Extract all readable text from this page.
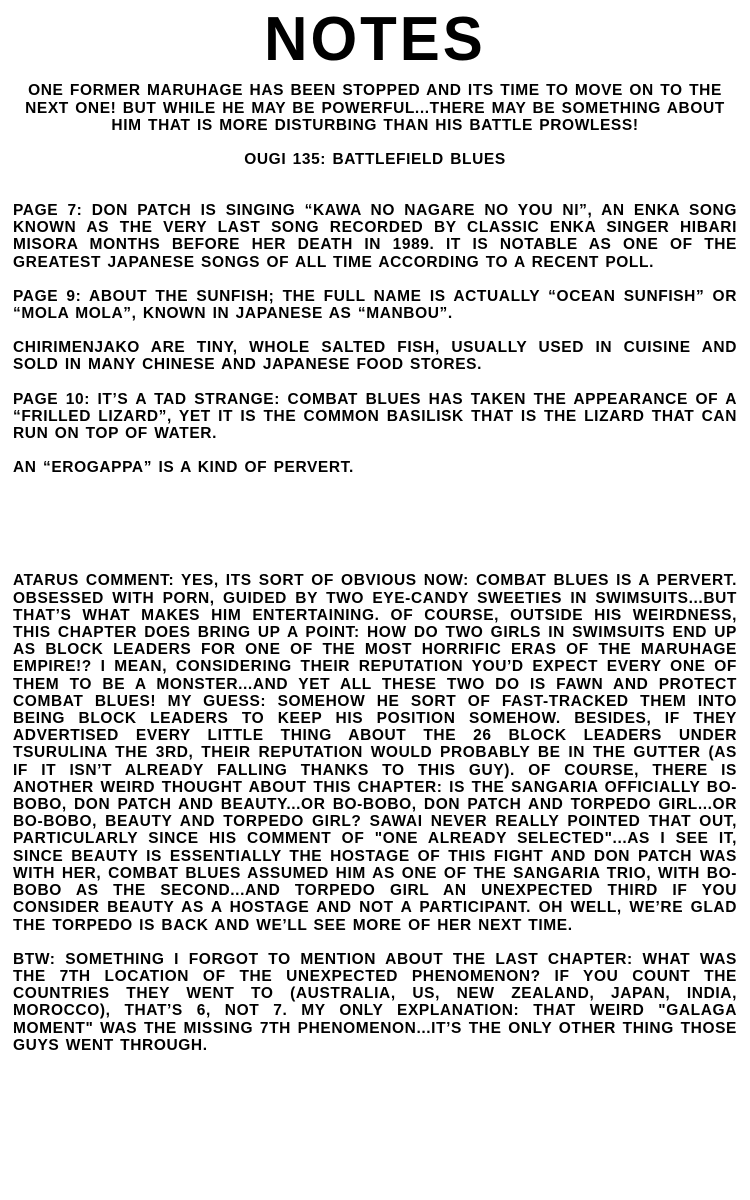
NOTES

ONE FORMER MARUHAGE HAS BEEN STOPPED AND ITS TIME TO MOVE ON TO THE NEXT ONE! BUT WHILE HE MAY BE POWERFUL...THERE MAY BE SOMETHING ABOUT HIM THAT IS MORE DISTURBING THAN HIS BATTLE PROWLESS!

OUGI 135: BATTLEFIELD BLUES

PAGE 7: DON PATCH IS SINGING “KAWA NO NAGARE NO YOU NI”, AN ENKA SONG KNOWN AS THE VERY LAST SONG RECORDED BY CLASSIC ENKA SINGER HIBARI MISORA MONTHS BEFORE HER DEATH IN 1989. IT IS NOTABLE AS ONE OF THE GREATEST JAPANESE SONGS OF ALL TIME ACCORDING TO A RECENT POLL.

PAGE 9: ABOUT THE SUNFISH; THE FULL NAME IS ACTUALLY “OCEAN SUNFISH” OR “MOLA MOLA”, KNOWN IN JAPANESE AS “MANBOU”.

CHIRIMENJAKO ARE TINY, WHOLE SALTED FISH, USUALLY USED IN CUISINE AND SOLD IN MANY CHINESE AND JAPANESE FOOD STORES.

PAGE 10: IT’S A TAD STRANGE: COMBAT BLUES HAS TAKEN THE APPEARANCE OF A “FRILLED LIZARD”, YET IT IS THE COMMON BASILISK THAT IS THE LIZARD THAT CAN RUN ON TOP OF WATER.

AN “EROGAPPA” IS A KIND OF PERVERT.

ATARUS COMMENT: YES, ITS SORT OF OBVIOUS NOW: COMBAT BLUES IS A PERVERT. OBSESSED WITH PORN, GUIDED BY TWO EYE-CANDY SWEETIES IN SWIMSUITS...BUT THAT’S WHAT MAKES HIM ENTERTAINING. OF COURSE, OUTSIDE HIS WEIRDNESS, THIS CHAPTER DOES BRING UP A POINT: HOW DO TWO GIRLS IN SWIMSUITS END UP AS BLOCK LEADERS FOR ONE OF THE MOST HORRIFIC ERAS OF THE MARUHAGE EMPIRE!? I MEAN, CONSIDERING THEIR REPUTATION YOU’D EXPECT EVERY ONE OF THEM TO BE A MONSTER...AND YET ALL THESE TWO DO IS FAWN AND PROTECT COMBAT BLUES! MY GUESS: SOMEHOW HE SORT OF FAST-TRACKED THEM INTO BEING BLOCK LEADERS TO KEEP HIS POSITION SOMEHOW. BESIDES, IF THEY ADVERTISED EVERY LITTLE THING ABOUT THE 26 BLOCK LEADERS UNDER TSURULINA THE 3RD, THEIR REPUTATION WOULD PROBABLY BE IN THE GUTTER (AS IF IT ISN’T ALREADY FALLING THANKS TO THIS GUY). OF COURSE, THERE IS ANOTHER WEIRD THOUGHT ABOUT THIS CHAPTER: IS THE SANGARIA OFFICIALLY BO-BOBO, DON PATCH AND BEAUTY...OR BO-BOBO, DON PATCH AND TORPEDO GIRL...OR BO-BOBO, BEAUTY AND TORPEDO GIRL? SAWAI NEVER REALLY POINTED THAT OUT, PARTICULARLY SINCE HIS COMMENT OF "ONE ALREADY SELECTED"...AS I SEE IT, SINCE BEAUTY IS ESSENTIALLY THE HOSTAGE OF THIS FIGHT AND DON PATCH WAS WITH HER, COMBAT BLUES ASSUMED HIM AS ONE OF THE SANGARIA TRIO, WITH BO-BOBO AS THE SECOND...AND TORPEDO GIRL AN UNEXPECTED THIRD IF YOU CONSIDER BEAUTY AS A HOSTAGE AND NOT A PARTICIPANT. OH WELL, WE’RE GLAD THE TORPEDO IS BACK AND WE’LL SEE MORE OF HER NEXT TIME.

BTW: SOMETHING I FORGOT TO MENTION ABOUT THE LAST CHAPTER: WHAT WAS THE 7TH LOCATION OF THE UNEXPECTED PHENOMENON? IF YOU COUNT THE COUNTRIES THEY WENT TO (AUSTRALIA, US, NEW ZEALAND, JAPAN, INDIA, MOROCCO), THAT’S 6, NOT 7. MY ONLY EXPLANATION: THAT WEIRD "GALAGA MOMENT" WAS THE MISSING 7TH PHENOMENON...IT’S THE ONLY OTHER THING THOSE GUYS WENT THROUGH.
